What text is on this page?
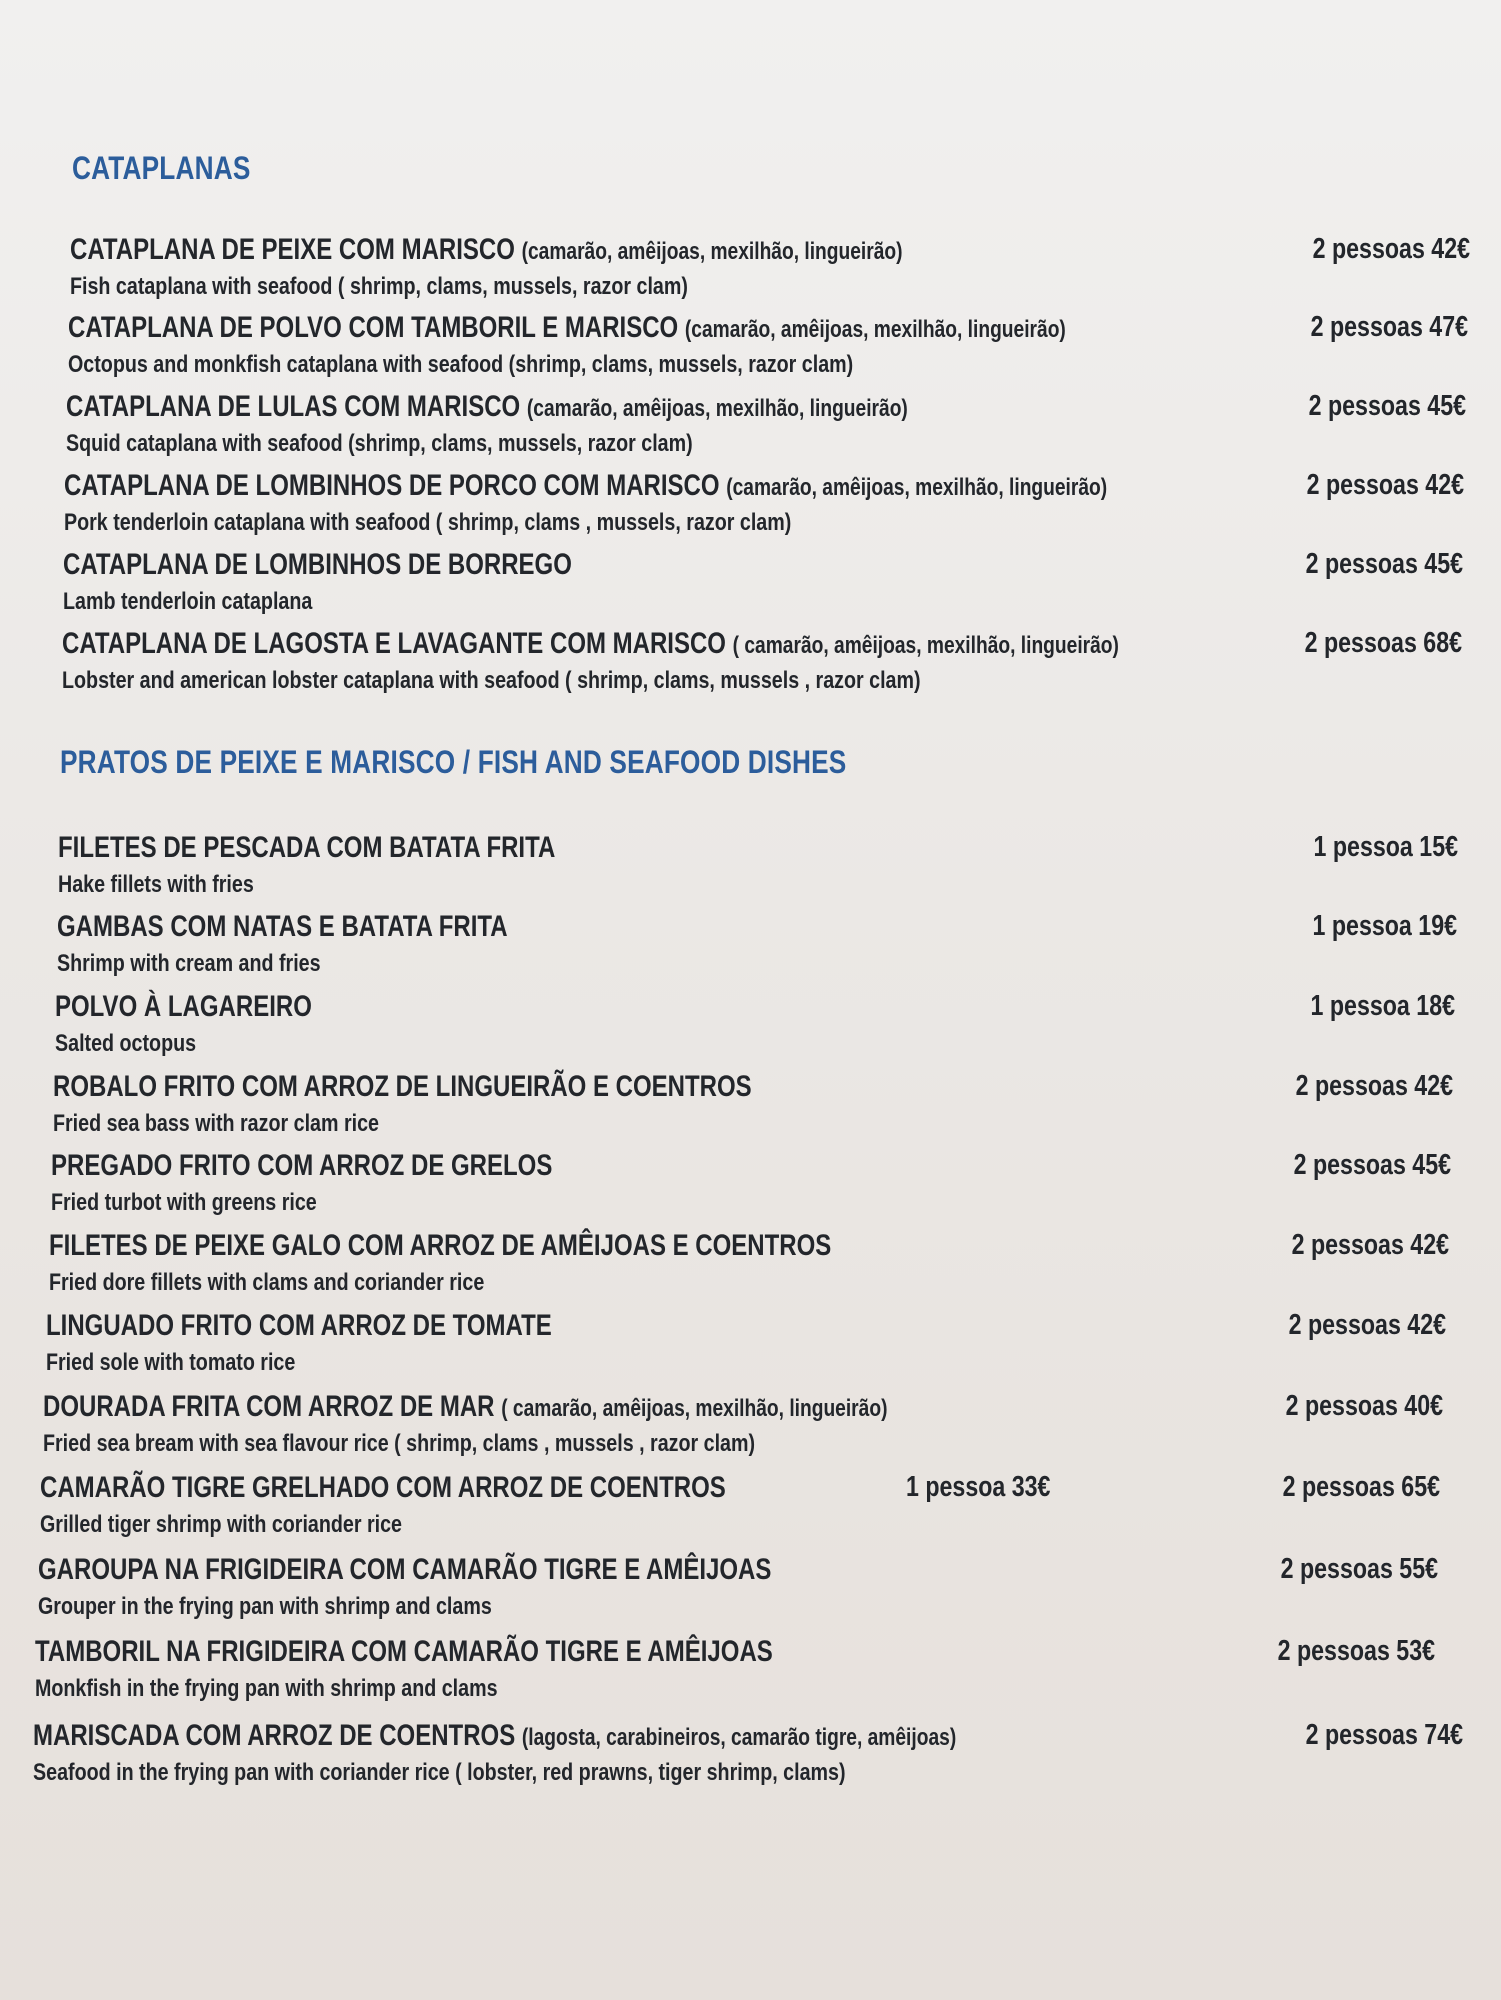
CATAPLANAS
CATAPLANA DE PEIXE COM MARISCO (camarão, amêijoas, mexilhão, lingueirão)
Fish cataplana with seafood ( shrimp, clams, mussels, razor clam)
2 pessoas 42€
CATAPLANA DE POLVO COM TAMBORIL E MARISCO (camarão, amêijoas, mexilhão, lingueirão)
Octopus and monkfish cataplana with seafood (shrimp, clams, mussels, razor clam)
2 pessoas 47€
CATAPLANA DE LULAS COM MARISCO (camarão, amêijoas, mexilhão, lingueirão)
Squid cataplana with seafood (shrimp, clams, mussels, razor clam)
2 pessoas 45€
CATAPLANA DE LOMBINHOS DE PORCO COM MARISCO (camarão, amêijoas, mexilhão, lingueirão)
Pork tenderloin cataplana with seafood ( shrimp, clams , mussels, razor clam)
2 pessoas 42€
CATAPLANA DE LOMBINHOS DE BORREGO
Lamb tenderloin cataplana
2 pessoas 45€
CATAPLANA DE LAGOSTA E LAVAGANTE COM MARISCO ( camarão, amêijoas, mexilhão, lingueirão)
Lobster and american lobster cataplana with seafood ( shrimp, clams, mussels , razor clam)
2 pessoas 68€
PRATOS DE PEIXE E MARISCO / FISH AND SEAFOOD DISHES
FILETES DE PESCADA COM BATATA FRITA
Hake fillets with fries
1 pessoa 15€
GAMBAS COM NATAS E BATATA FRITA
Shrimp with cream and fries
1 pessoa 19€
POLVO À LAGAREIRO
Salted octopus
1 pessoa 18€
ROBALO FRITO COM ARROZ DE LINGUEIRÃO E COENTROS
Fried sea bass with razor clam rice
2 pessoas 42€
PREGADO FRITO COM ARROZ DE GRELOS
Fried turbot with greens rice
2 pessoas 45€
FILETES DE PEIXE GALO COM ARROZ DE AMÊIJOAS E COENTROS
Fried dore fillets with clams and coriander rice
2 pessoas 42€
LINGUADO FRITO COM ARROZ DE TOMATE
Fried sole with tomato rice
2 pessoas 42€
DOURADA FRITA COM ARROZ DE MAR ( camarão, amêijoas, mexilhão, lingueirão)
Fried sea bream with sea flavour rice ( shrimp, clams , mussels , razor clam)
2 pessoas 40€
CAMARÃO TIGRE GRELHADO COM ARROZ DE COENTROS
Grilled tiger shrimp with coriander rice
1 pessoa 33€	2 pessoas 65€
GAROUPA NA FRIGIDEIRA COM CAMARÃO TIGRE E AMÊIJOAS
Grouper in the frying pan with shrimp and clams
2 pessoas 55€
TAMBORIL NA FRIGIDEIRA COM CAMARÃO TIGRE E AMÊIJOAS
Monkfish in the frying pan with shrimp and clams
2 pessoas 53€
MARISCADA COM ARROZ DE COENTROS (lagosta, carabineiros, camarão tigre, amêijoas)
Seafood in the frying pan with coriander rice ( lobster, red prawns, tiger shrimp, clams)
2 pessoas 74€
